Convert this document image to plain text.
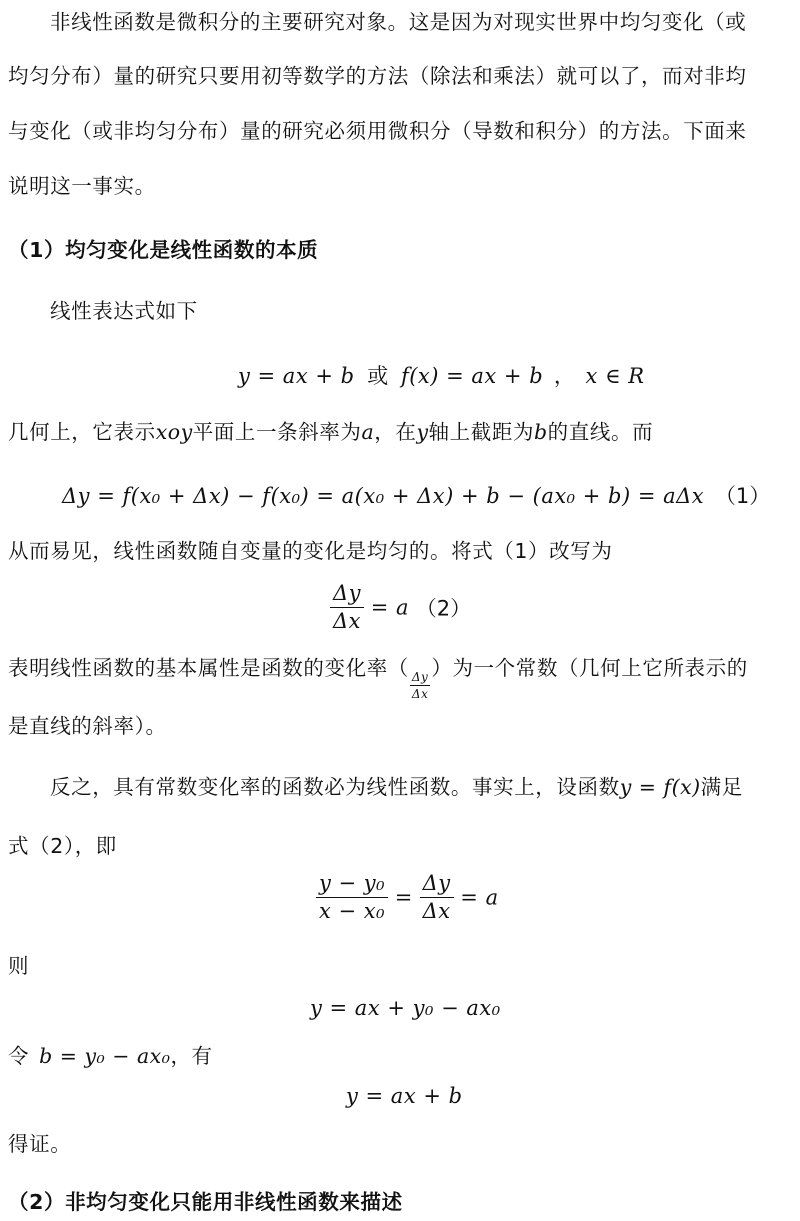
非线性函数是微积分的主要研究对象。这是因为对现实世界中均匀变化（或
均匀分布）量的研究只要用初等数学的方法（除法和乘法）就可以了，而对非均
与变化（或非均匀分布）量的研究必须用微积分（导数和积分）的方法。下面来
说明这一事实。
（1）均匀变化是线性函数的本质
线性表达式如下
y = ax + b 或 f(x) = ax + b ， x ∈ R
几何上，它表示xoy平面上一条斜率为a，在y轴上截距为b的直线。而
Δy = f(x₀ + Δx) − f(x₀) = a(x₀ + Δx) + b − (ax₀ + b) = aΔx （1）
从而易见，线性函数随自变量的变化是均匀的。将式（1）改写为
$\frac{\Delta y}{\Delta x} = a$ （2）
表明线性函数的基本属性是函数的变化率（
$\frac{\Delta y}{\Delta x}$
）为一个常数（几何上它所表示的
是直线的斜率）。
反之，具有常数变化率的函数必为线性函数。事实上，设函数y = f(x)满足
式（2），即
$\frac{\text{y − y₀}}{\text{x − x₀}} = \frac{\Delta y}{\Delta x} = a$
则
y = ax + y₀ − ax₀
令 b = y₀ − ax₀，有
y = ax + b
得证。
（2）非均匀变化只能用非线性函数来描述
